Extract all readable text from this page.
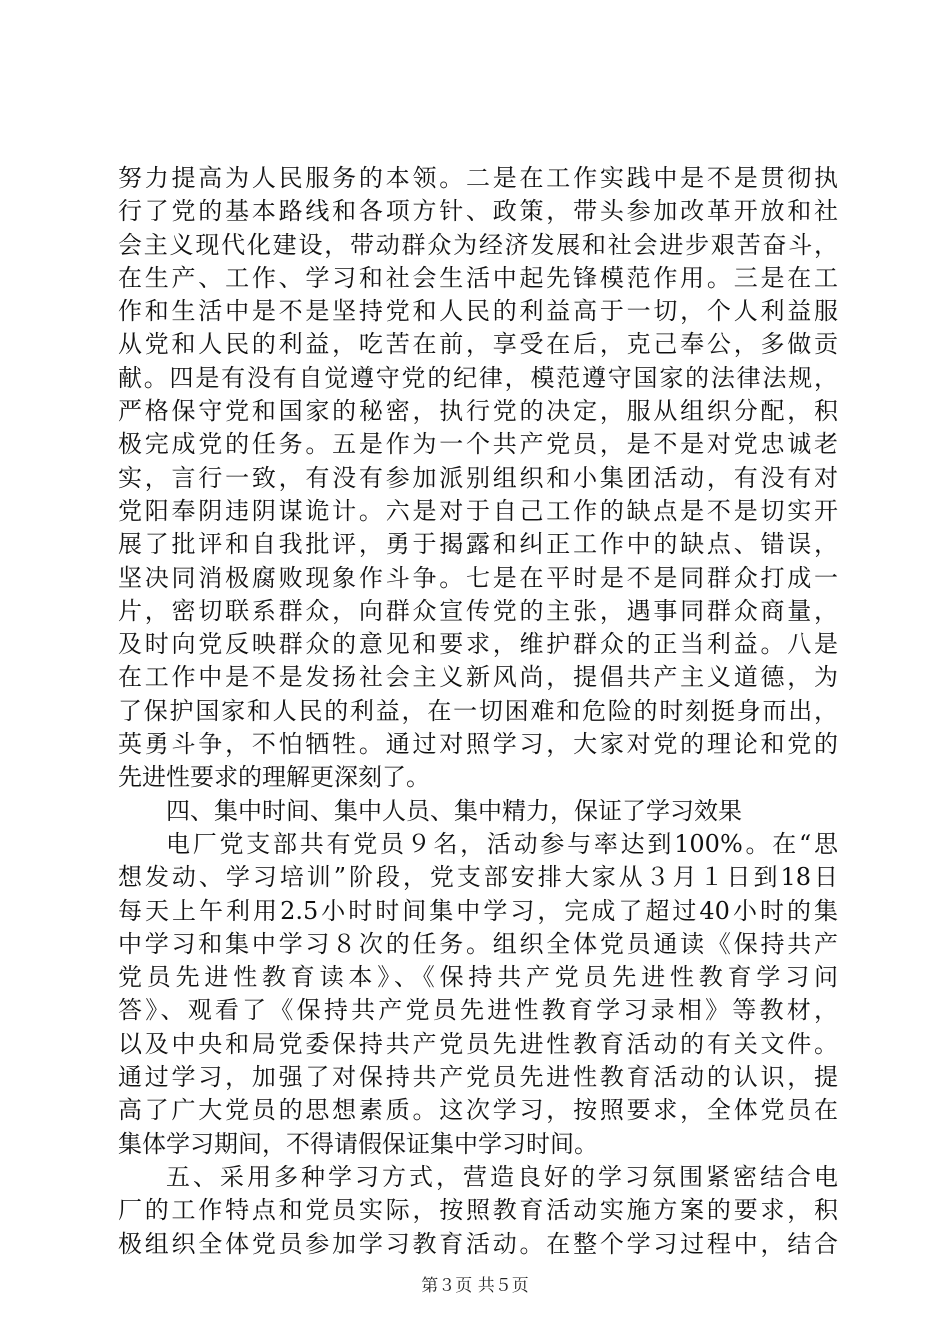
努力提高为人民服务的本领。二是在工作实践中是不是贯彻执
行了党的基本路线和各项方针、政策，带头参加改革开放和社
会主义现代化建设，带动群众为经济发展和社会进步艰苦奋斗，
在生产、工作、学习和社会生活中起先锋模范作用。三是在工
作和生活中是不是坚持党和人民的利益高于一切，个人利益服
从党和人民的利益，吃苦在前，享受在后，克己奉公，多做贡
献。四是有没有自觉遵守党的纪律，模范遵守国家的法律法规，
严格保守党和国家的秘密，执行党的决定，服从组织分配，积
极完成党的任务。五是作为一个共产党员，是不是对党忠诚老
实，言行一致，有没有参加派别组织和小集团活动，有没有对
党阳奉阴违阴谋诡计。六是对于自己工作的缺点是不是切实开
展了批评和自我批评，勇于揭露和纠正工作中的缺点、错误，
坚决同消极腐败现象作斗争。七是在平时是不是同群众打成一
片，密切联系群众，向群众宣传党的主张，遇事同群众商量，
及时向党反映群众的意见和要求，维护群众的正当利益。八是
在工作中是不是发扬社会主义新风尚，提倡共产主义道德，为
了保护国家和人民的利益，在一切困难和危险的时刻挺身而出，
英勇斗争，不怕牺牲。通过对照学习，大家对党的理论和党的
先进性要求的理解更深刻了。
四、集中时间、集中人员、集中精力，保证了学习效果
电厂党支部共有党员９名，活动参与率达到100%。在“思
想发动、学习培训”阶段，党支部安排大家从３月１日到18日
每天上午利用2.5小时时间集中学习，完成了超过40小时的集
中学习和集中学习８次的任务。组织全体党员通读《保持共产
党员先进性教育读本》、《保持共产党员先进性教育学习问
答》、观看了《保持共产党员先进性教育学习录相》等教材，
以及中央和局党委保持共产党员先进性教育活动的有关文件。
通过学习，加强了对保持共产党员先进性教育活动的认识，提
高了广大党员的思想素质。这次学习，按照要求，全体党员在
集体学习期间，不得请假保证集中学习时间。
五、采用多种学习方式，营造良好的学习氛围紧密结合电
厂的工作特点和党员实际，按照教育活动实施方案的要求，积
极组织全体党员参加学习教育活动。在整个学习过程中，结合
第３页 共５页
